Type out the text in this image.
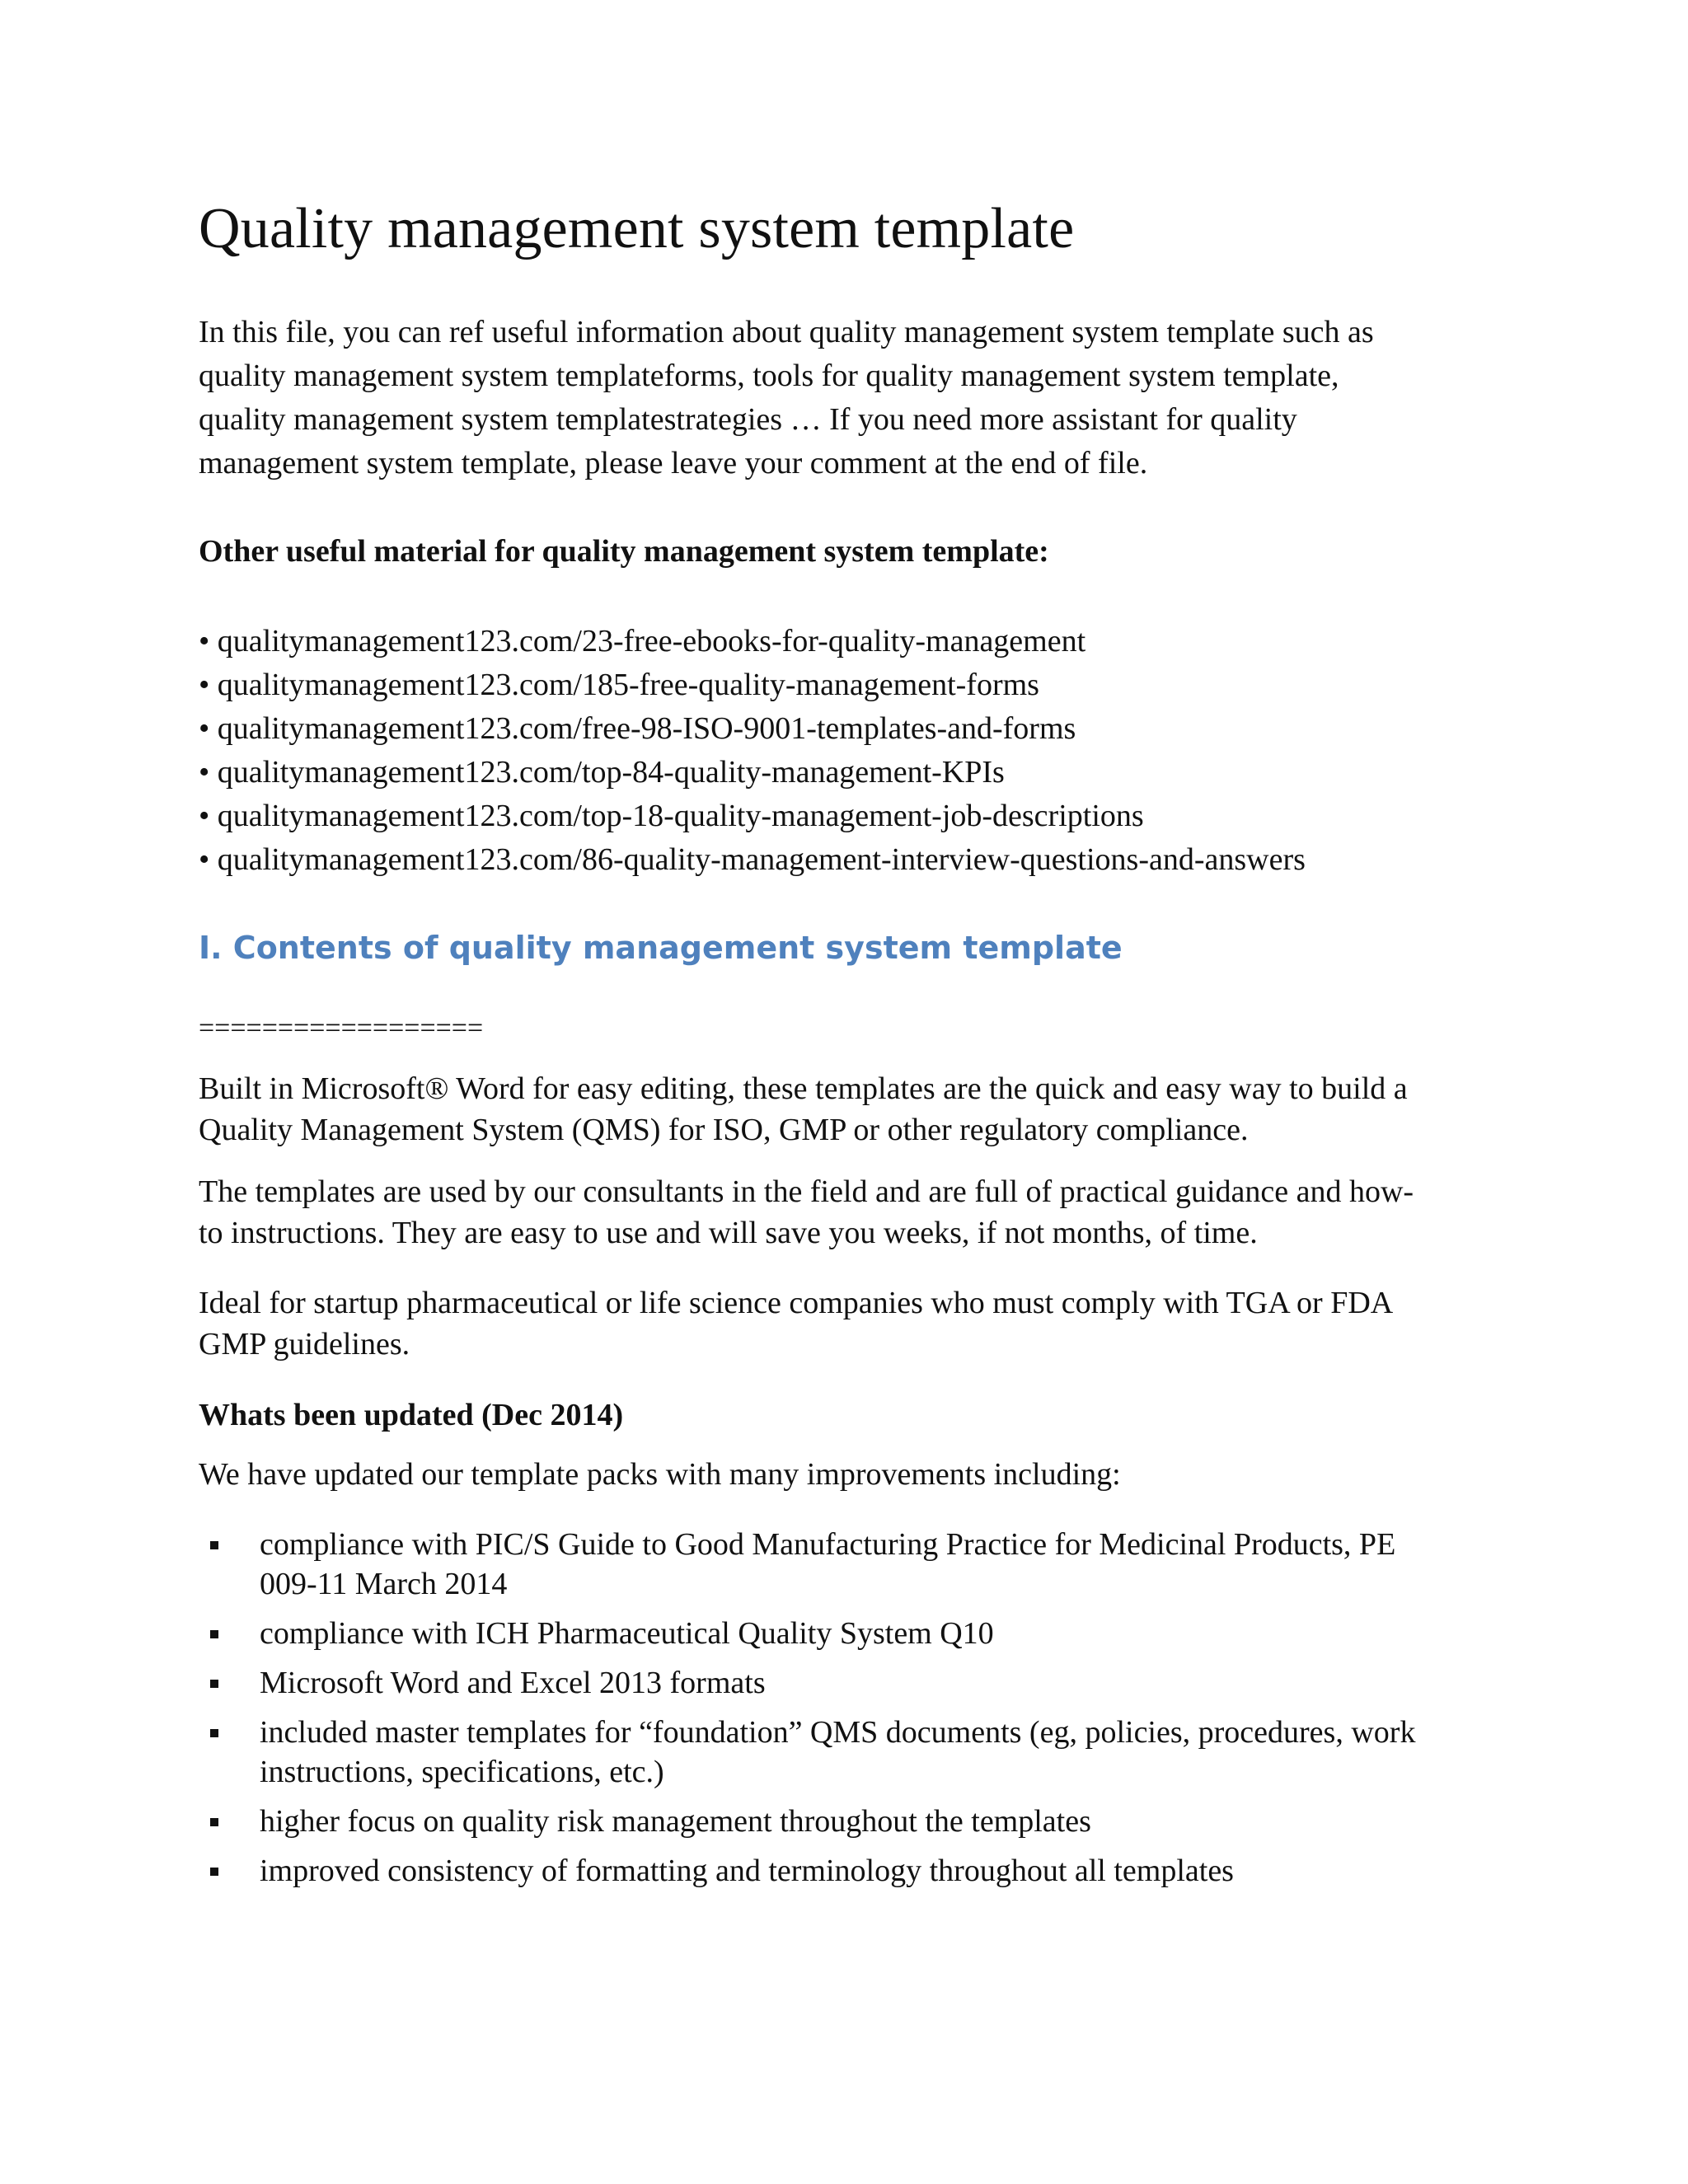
Quality management system template
In this file, you can ref useful information about quality management system template such as
quality management system templateforms, tools for quality management system template,
quality management system templatestrategies … If you need more assistant for quality
management system template, please leave your comment at the end of file.

Other useful material for quality management system template:

• qualitymanagement123.com/23-free-ebooks-for-quality-management
• qualitymanagement123.com/185-free-quality-management-forms
• qualitymanagement123.com/free-98-ISO-9001-templates-and-forms
• qualitymanagement123.com/top-84-quality-management-KPIs
• qualitymanagement123.com/top-18-quality-management-job-descriptions
• qualitymanagement123.com/86-quality-management-interview-questions-and-answers
I. Contents of quality management system template

==================

Built in Microsoft® Word for easy editing, these templates are the quick and easy way to build a
Quality Management System (QMS) for ISO, GMP or other regulatory compliance.
The templates are used by our consultants in the field and are full of practical guidance and how-
to instructions. They are easy to use and will save you weeks, if not months, of time.
Ideal for startup pharmaceutical or life science companies who must comply with TGA or FDA
GMP guidelines.

Whats been updated (Dec 2014)

We have updated our template packs with many improvements including:

compliance with PIC/S Guide to Good Manufacturing Practice for Medicinal Products, PE
009-11 March 2014
compliance with ICH Pharmaceutical Quality System Q10
Microsoft Word and Excel 2013 formats
included master templates for “foundation” QMS documents (eg, policies, procedures, work
instructions, specifications, etc.)
higher focus on quality risk management throughout the templates
improved consistency of formatting and terminology throughout all templates
